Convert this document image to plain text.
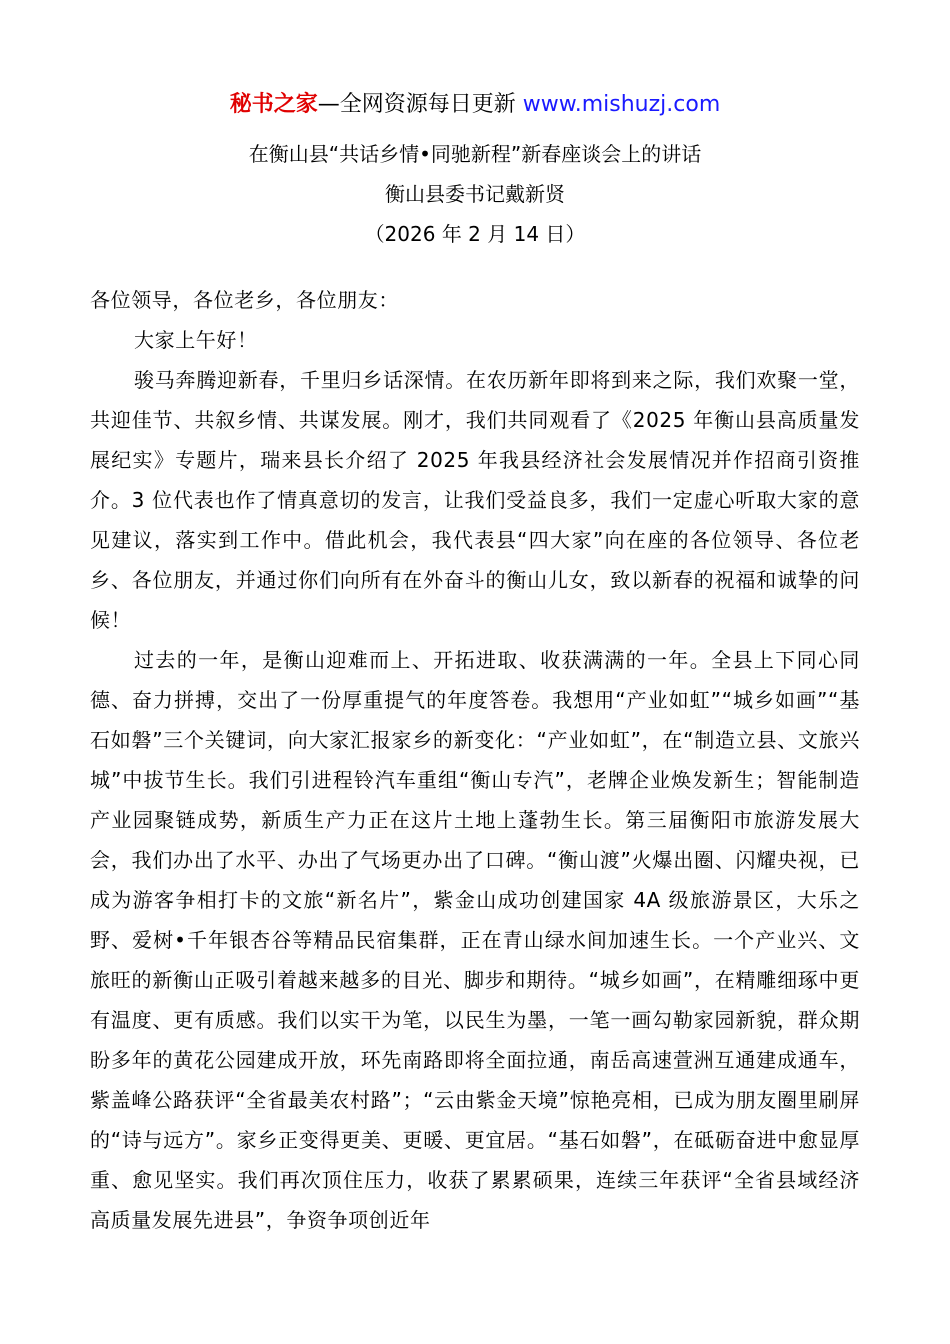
秘书之家—全网资源每日更新 www.mishuzj.com
在衡山县“共话乡情•同驰新程”新春座谈会上的讲话
衡山县委书记戴新贤
（2026 年 2 月 14 日）

各位领导，各位老乡，各位朋友：

大家上午好！

骏马奔腾迎新春，千里归乡话深情。在农历新年即将到来之际，我们欢聚一堂，共迎佳节、共叙乡情、共谋发展。刚才，我们共同观看了《2025 年衡山县高质量发展纪实》专题片，瑞来县长介绍了 2025 年我县经济社会发展情况并作招商引资推介。3 位代表也作了情真意切的发言，让我们受益良多，我们一定虚心听取大家的意见建议，落实到工作中。借此机会，我代表县“四大家”向在座的各位领导、各位老乡、各位朋友，并通过你们向所有在外奋斗的衡山儿女，致以新春的祝福和诚挚的问候！

过去的一年，是衡山迎难而上、开拓进取、收获满满的一年。全县上下同心同德、奋力拼搏，交出了一份厚重提气的年度答卷。我想用“产业如虹”“城乡如画”“基石如磐”三个关键词，向大家汇报家乡的新变化：“产业如虹”，在“制造立县、文旅兴城”中拔节生长。我们引进程铃汽车重组“衡山专汽”，老牌企业焕发新生；智能制造产业园聚链成势，新质生产力正在这片土地上蓬勃生长。第三届衡阳市旅游发展大会，我们办出了水平、办出了气场更办出了口碑。“衡山渡”火爆出圈、闪耀央视，已成为游客争相打卡的文旅“新名片”，紫金山成功创建国家 4A 级旅游景区，大乐之野、爱树•千年银杏谷等精品民宿集群，正在青山绿水间加速生长。一个产业兴、文旅旺的新衡山正吸引着越来越多的目光、脚步和期待。“城乡如画”，在精雕细琢中更有温度、更有质感。我们以实干为笔，以民生为墨，一笔一画勾勒家园新貌，群众期盼多年的黄花公园建成开放，环先南路即将全面拉通，南岳高速萱洲互通建成通车，紫盖峰公路获评“全省最美农村路”；“云由紫金天境”惊艳亮相，已成为朋友圈里刷屏的“诗与远方”。家乡正变得更美、更暖、更宜居。“基石如磐”，在砥砺奋进中愈显厚重、愈见坚实。我们再次顶住压力，收获了累累硕果，连续三年获评“全省县域经济高质量发展先进县”，争资争项创近年
